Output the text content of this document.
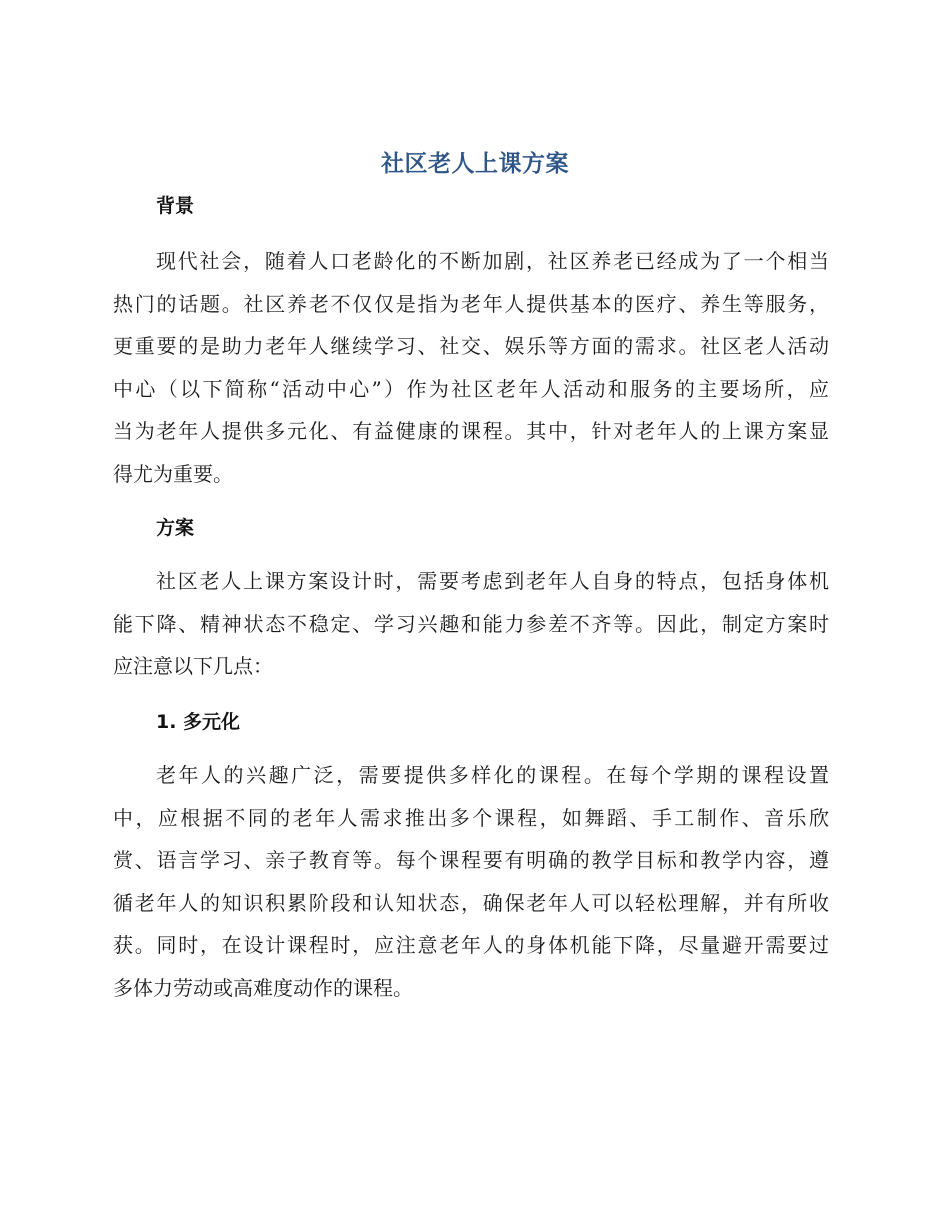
社区老人上课方案
背景
现代社会，随着人口老龄化的不断加剧，社区养老已经成为了一个相当
热门的话题。社区养老不仅仅是指为老年人提供基本的医疗、养生等服务，
更重要的是助力老年人继续学习、社交、娱乐等方面的需求。社区老人活动
中心（以下简称“活动中心”）作为社区老年人活动和服务的主要场所，应
当为老年人提供多元化、有益健康的课程。其中，针对老年人的上课方案显
得尤为重要。
方案
社区老人上课方案设计时，需要考虑到老年人自身的特点，包括身体机
能下降、精神状态不稳定、学习兴趣和能力参差不齐等。因此，制定方案时
应注意以下几点：
1. 多元化
老年人的兴趣广泛，需要提供多样化的课程。在每个学期的课程设置
中，应根据不同的老年人需求推出多个课程，如舞蹈、手工制作、音乐欣
赏、语言学习、亲子教育等。每个课程要有明确的教学目标和教学内容，遵
循老年人的知识积累阶段和认知状态，确保老年人可以轻松理解，并有所收
获。同时，在设计课程时，应注意老年人的身体机能下降，尽量避开需要过
多体力劳动或高难度动作的课程。
